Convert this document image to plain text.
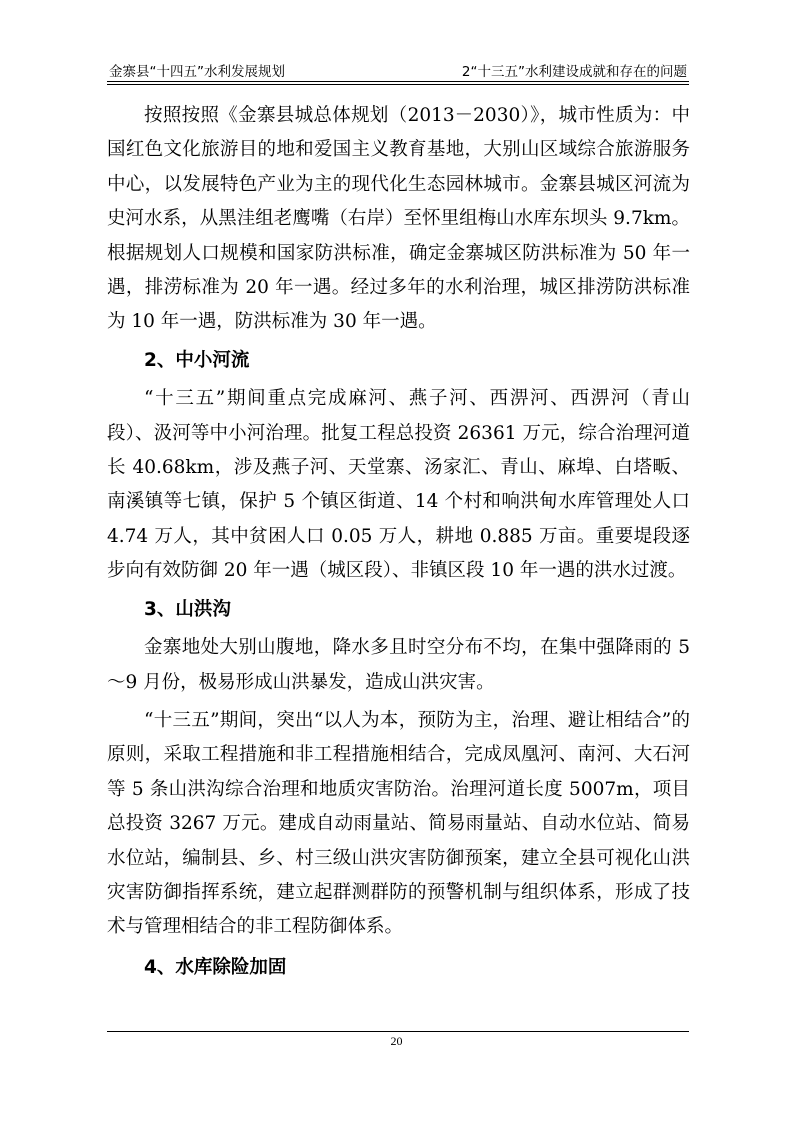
金寨县“十四五”水利发展规划	2“十三五”水利建设成就和存在的问题

按照按照《金寨县城总体规划（2013－2030）》，城市性质为：中国红色文化旅游目的地和爱国主义教育基地，大别山区域综合旅游服务中心，以发展特色产业为主的现代化生态园林城市。金寨县城区河流为史河水系，从黑洼组老鹰嘴（右岸）至怀里组梅山水库东坝头 9.7km。根据规划人口规模和国家防洪标准，确定金寨城区防洪标准为 50 年一遇，排涝标准为 20 年一遇。经过多年的水利治理，城区排涝防洪标准为 10 年一遇，防洪标准为 30 年一遇。

2、中小河流

“十三五”期间重点完成麻河、燕子河、西淠河、西淠河（青山段）、汲河等中小河治理。批复工程总投资 26361 万元，综合治理河道长 40.68km，涉及燕子河、天堂寨、汤家汇、青山、麻埠、白塔畈、南溪镇等七镇，保护 5 个镇区街道、14 个村和响洪甸水库管理处人口 4.74 万人，其中贫困人口 0.05 万人，耕地 0.885 万亩。重要堤段逐步向有效防御 20 年一遇（城区段）、非镇区段 10 年一遇的洪水过渡。

3、山洪沟

金寨地处大别山腹地，降水多且时空分布不均，在集中强降雨的 5～9 月份，极易形成山洪暴发，造成山洪灾害。

“十三五”期间，突出“以人为本，预防为主，治理、避让相结合”的原则，采取工程措施和非工程措施相结合，完成凤凰河、南河、大石河等 5 条山洪沟综合治理和地质灾害防治。治理河道长度 5007m，项目总投资 3267 万元。建成自动雨量站、简易雨量站、自动水位站、简易水位站，编制县、乡、村三级山洪灾害防御预案，建立全县可视化山洪灾害防御指挥系统，建立起群测群防的预警机制与组织体系，形成了技术与管理相结合的非工程防御体系。

4、水库除险加固

20
